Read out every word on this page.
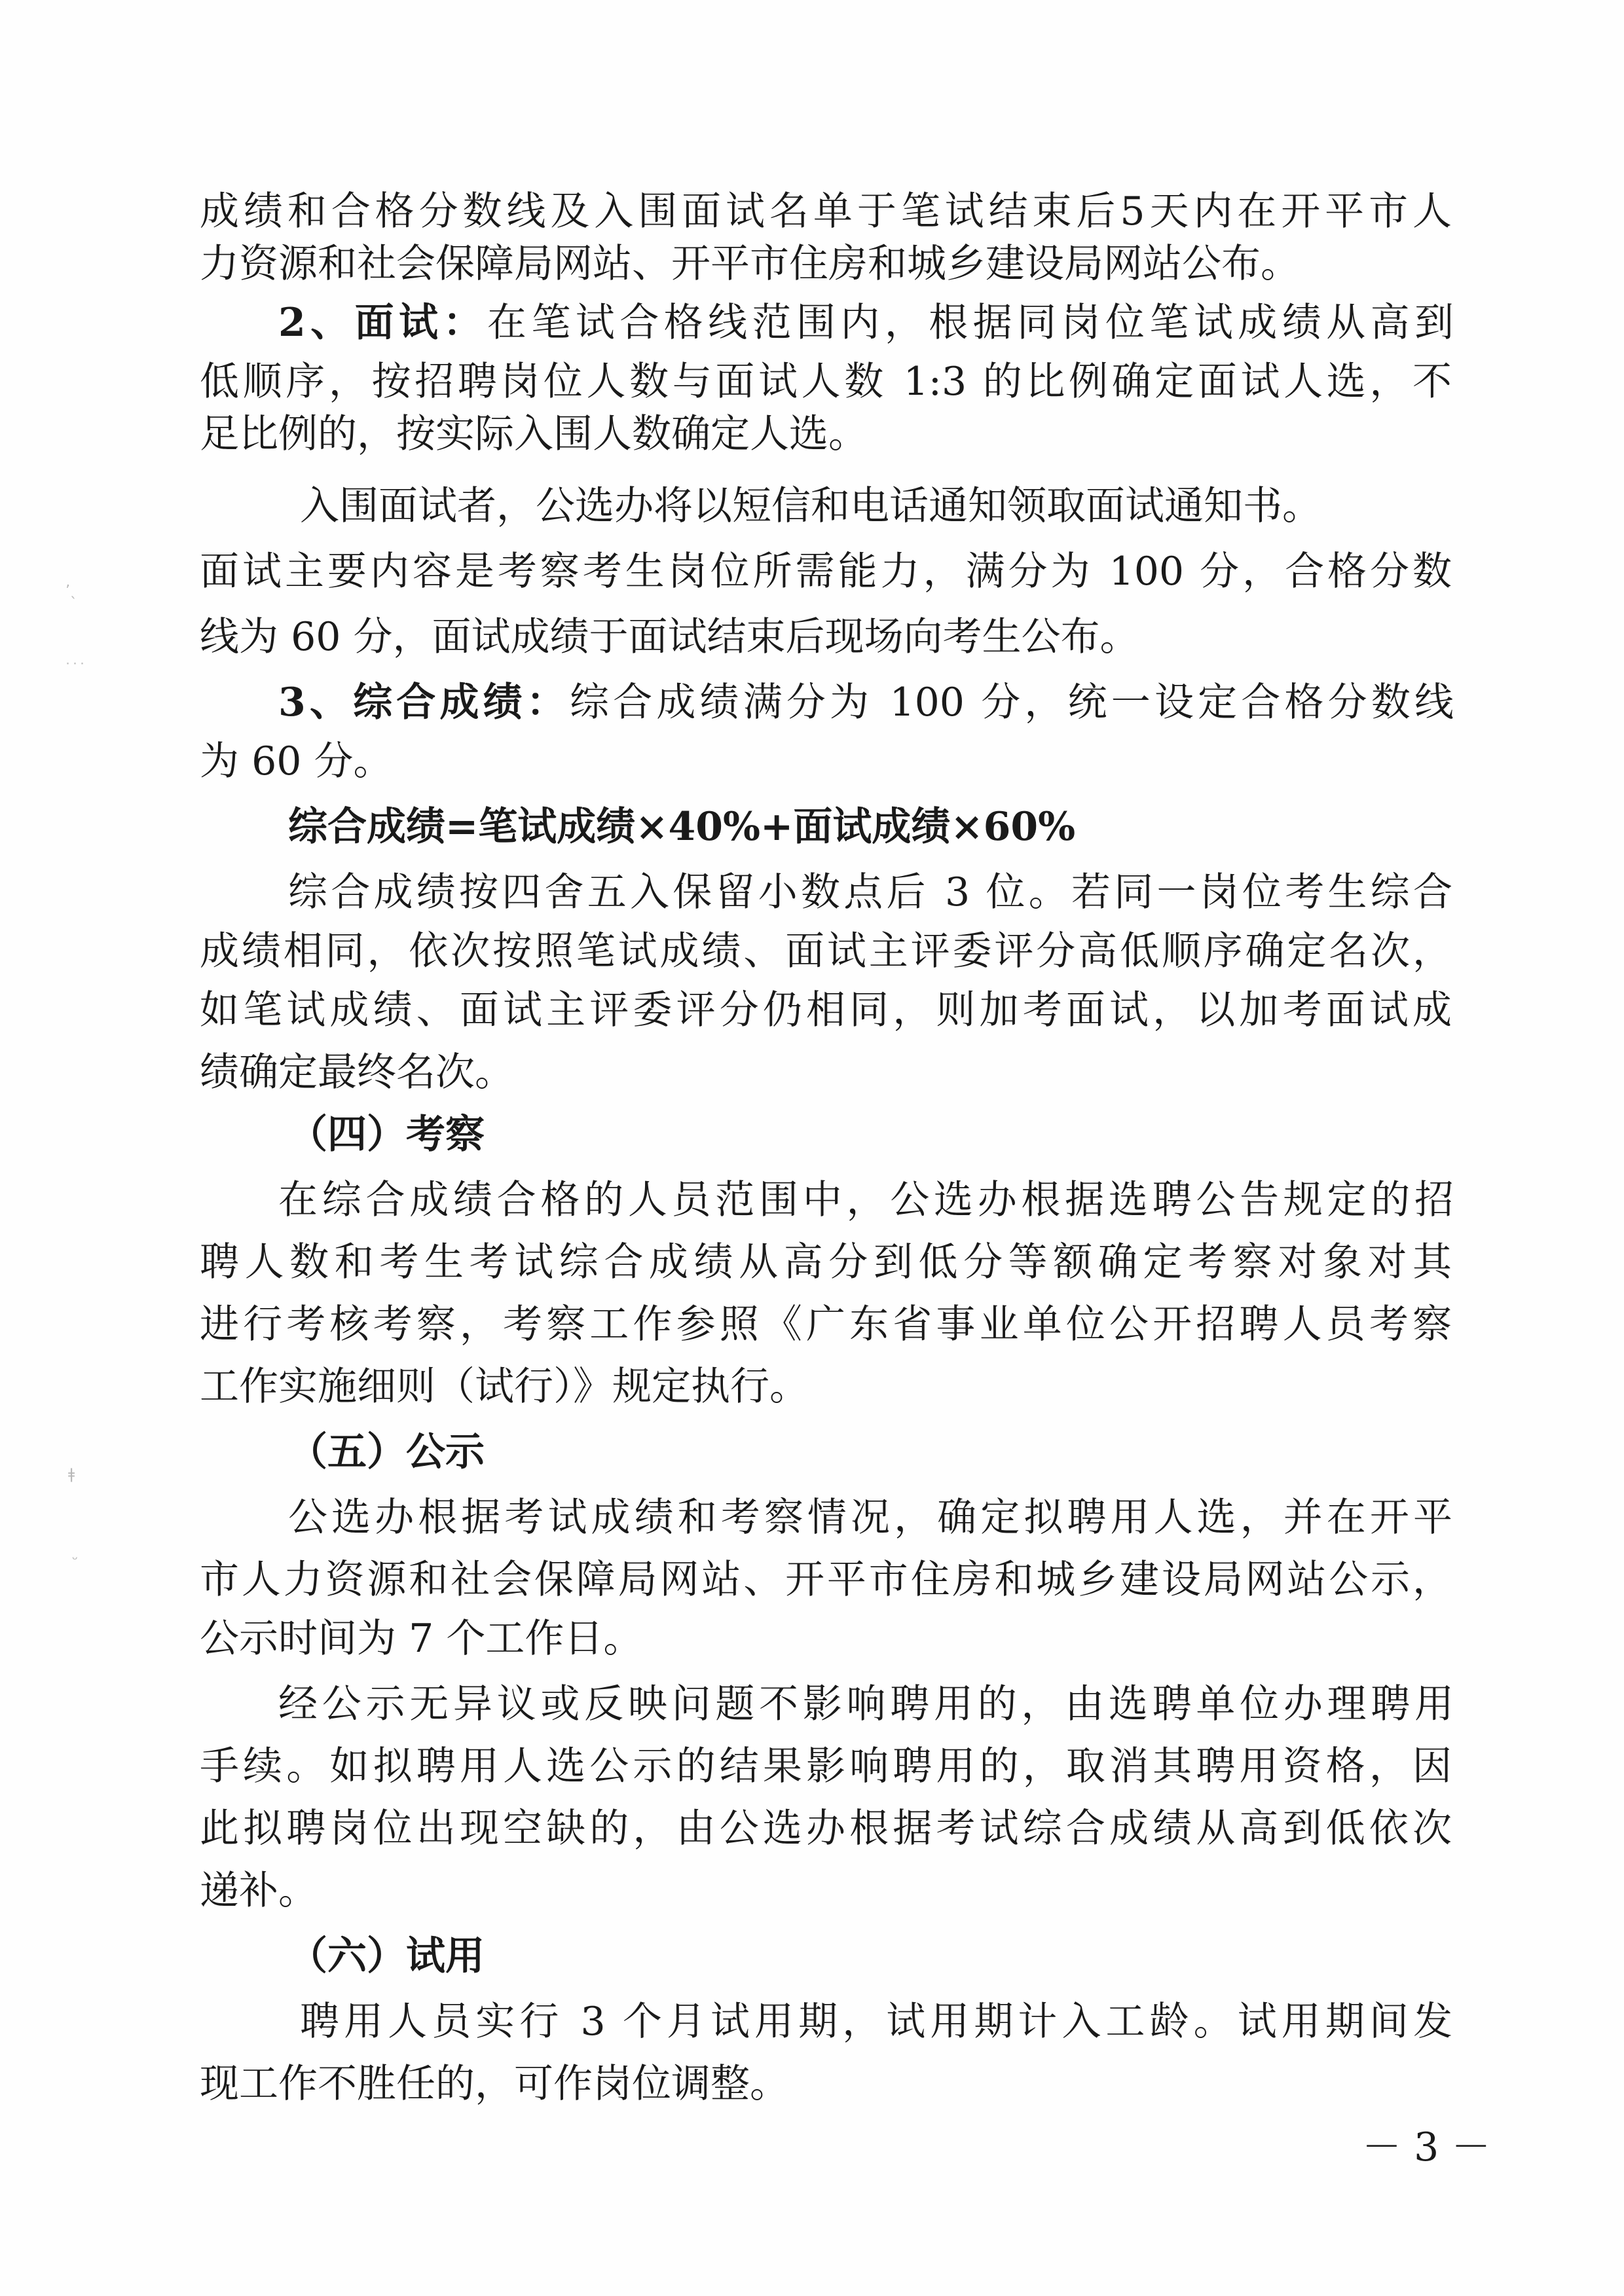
ʼˎ
˙˙˙
ǂ
ᵕ
成绩和合格分数线及入围面试名单于笔试结束后5天内在开平市人
力资源和社会保障局网站、开平市住房和城乡建设局网站公布。
2、面试：在笔试合格线范围内，根据同岗位笔试成绩从高到
低顺序，按招聘岗位人数与面试人数 1:3 的比例确定面试人选，不
足比例的，按实际入围人数确定人选。
入围面试者，公选办将以短信和电话通知领取面试通知书。
面试主要内容是考察考生岗位所需能力，满分为 100 分，合格分数
线为 60 分，面试成绩于面试结束后现场向考生公布。
3、综合成绩：综合成绩满分为 100 分，统一设定合格分数线
为 60 分。
综合成绩=笔试成绩×40%+面试成绩×60%
综合成绩按四舍五入保留小数点后 3 位。若同一岗位考生综合
成绩相同，依次按照笔试成绩、面试主评委评分高低顺序确定名次，
如笔试成绩、面试主评委评分仍相同，则加考面试，以加考面试成
绩确定最终名次。
（四）考察
在综合成绩合格的人员范围中，公选办根据选聘公告规定的招
聘人数和考生考试综合成绩从高分到低分等额确定考察对象对其
进行考核考察，考察工作参照《广东省事业单位公开招聘人员考察
工作实施细则（试行）》规定执行。
（五）公示
公选办根据考试成绩和考察情况，确定拟聘用人选，并在开平
市人力资源和社会保障局网站、开平市住房和城乡建设局网站公示，
公示时间为 7 个工作日。
经公示无异议或反映问题不影响聘用的，由选聘单位办理聘用
手续。如拟聘用人选公示的结果影响聘用的，取消其聘用资格，因
此拟聘岗位出现空缺的，由公选办根据考试综合成绩从高到低依次
递补。
（六）试用
聘用人员实行 3 个月试用期，试用期计入工龄。试用期间发
现工作不胜任的，可作岗位调整。
－ 3 －
